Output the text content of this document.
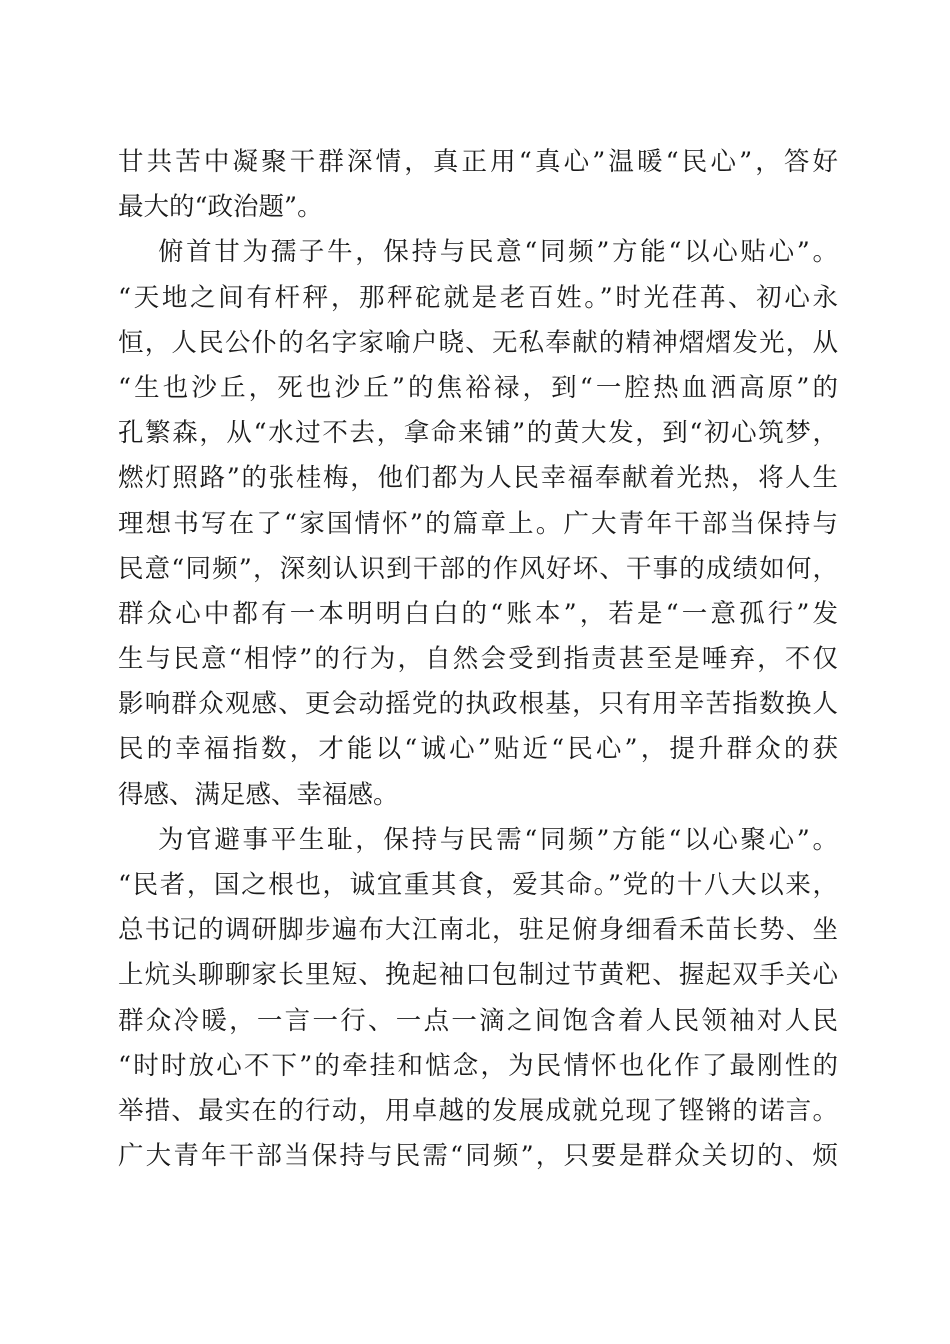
甘共苦中凝聚干群深情，真正用“真心”温暖“民心”，答好
最大的“政治题”。
俯首甘为孺子牛，保持与民意“同频”方能“以心贴心”。
“天地之间有杆秤，那秤砣就是老百姓。”时光荏苒、初心永
恒，人民公仆的名字家喻户晓、无私奉献的精神熠熠发光，从
“生也沙丘，死也沙丘”的焦裕禄，到“一腔热血洒高原”的
孔繁森，从“水过不去，拿命来铺”的黄大发，到“初心筑梦，
燃灯照路”的张桂梅，他们都为人民幸福奉献着光热，将人生
理想书写在了“家国情怀”的篇章上。广大青年干部当保持与
民意“同频”，深刻认识到干部的作风好坏、干事的成绩如何，
群众心中都有一本明明白白的“账本”，若是“一意孤行”发
生与民意“相悖”的行为，自然会受到指责甚至是唾弃，不仅
影响群众观感、更会动摇党的执政根基，只有用辛苦指数换人
民的幸福指数，才能以“诚心”贴近“民心”，提升群众的获
得感、满足感、幸福感。
为官避事平生耻，保持与民需“同频”方能“以心聚心”。
“民者，国之根也，诚宜重其食，爱其命。”党的十八大以来，
总书记的调研脚步遍布大江南北，驻足俯身细看禾苗长势、坐
上炕头聊聊家长里短、挽起袖口包制过节黄粑、握起双手关心
群众冷暖，一言一行、一点一滴之间饱含着人民领袖对人民
“时时放心不下”的牵挂和惦念，为民情怀也化作了最刚性的
举措、最实在的行动，用卓越的发展成就兑现了铿锵的诺言。
广大青年干部当保持与民需“同频”，只要是群众关切的、烦
